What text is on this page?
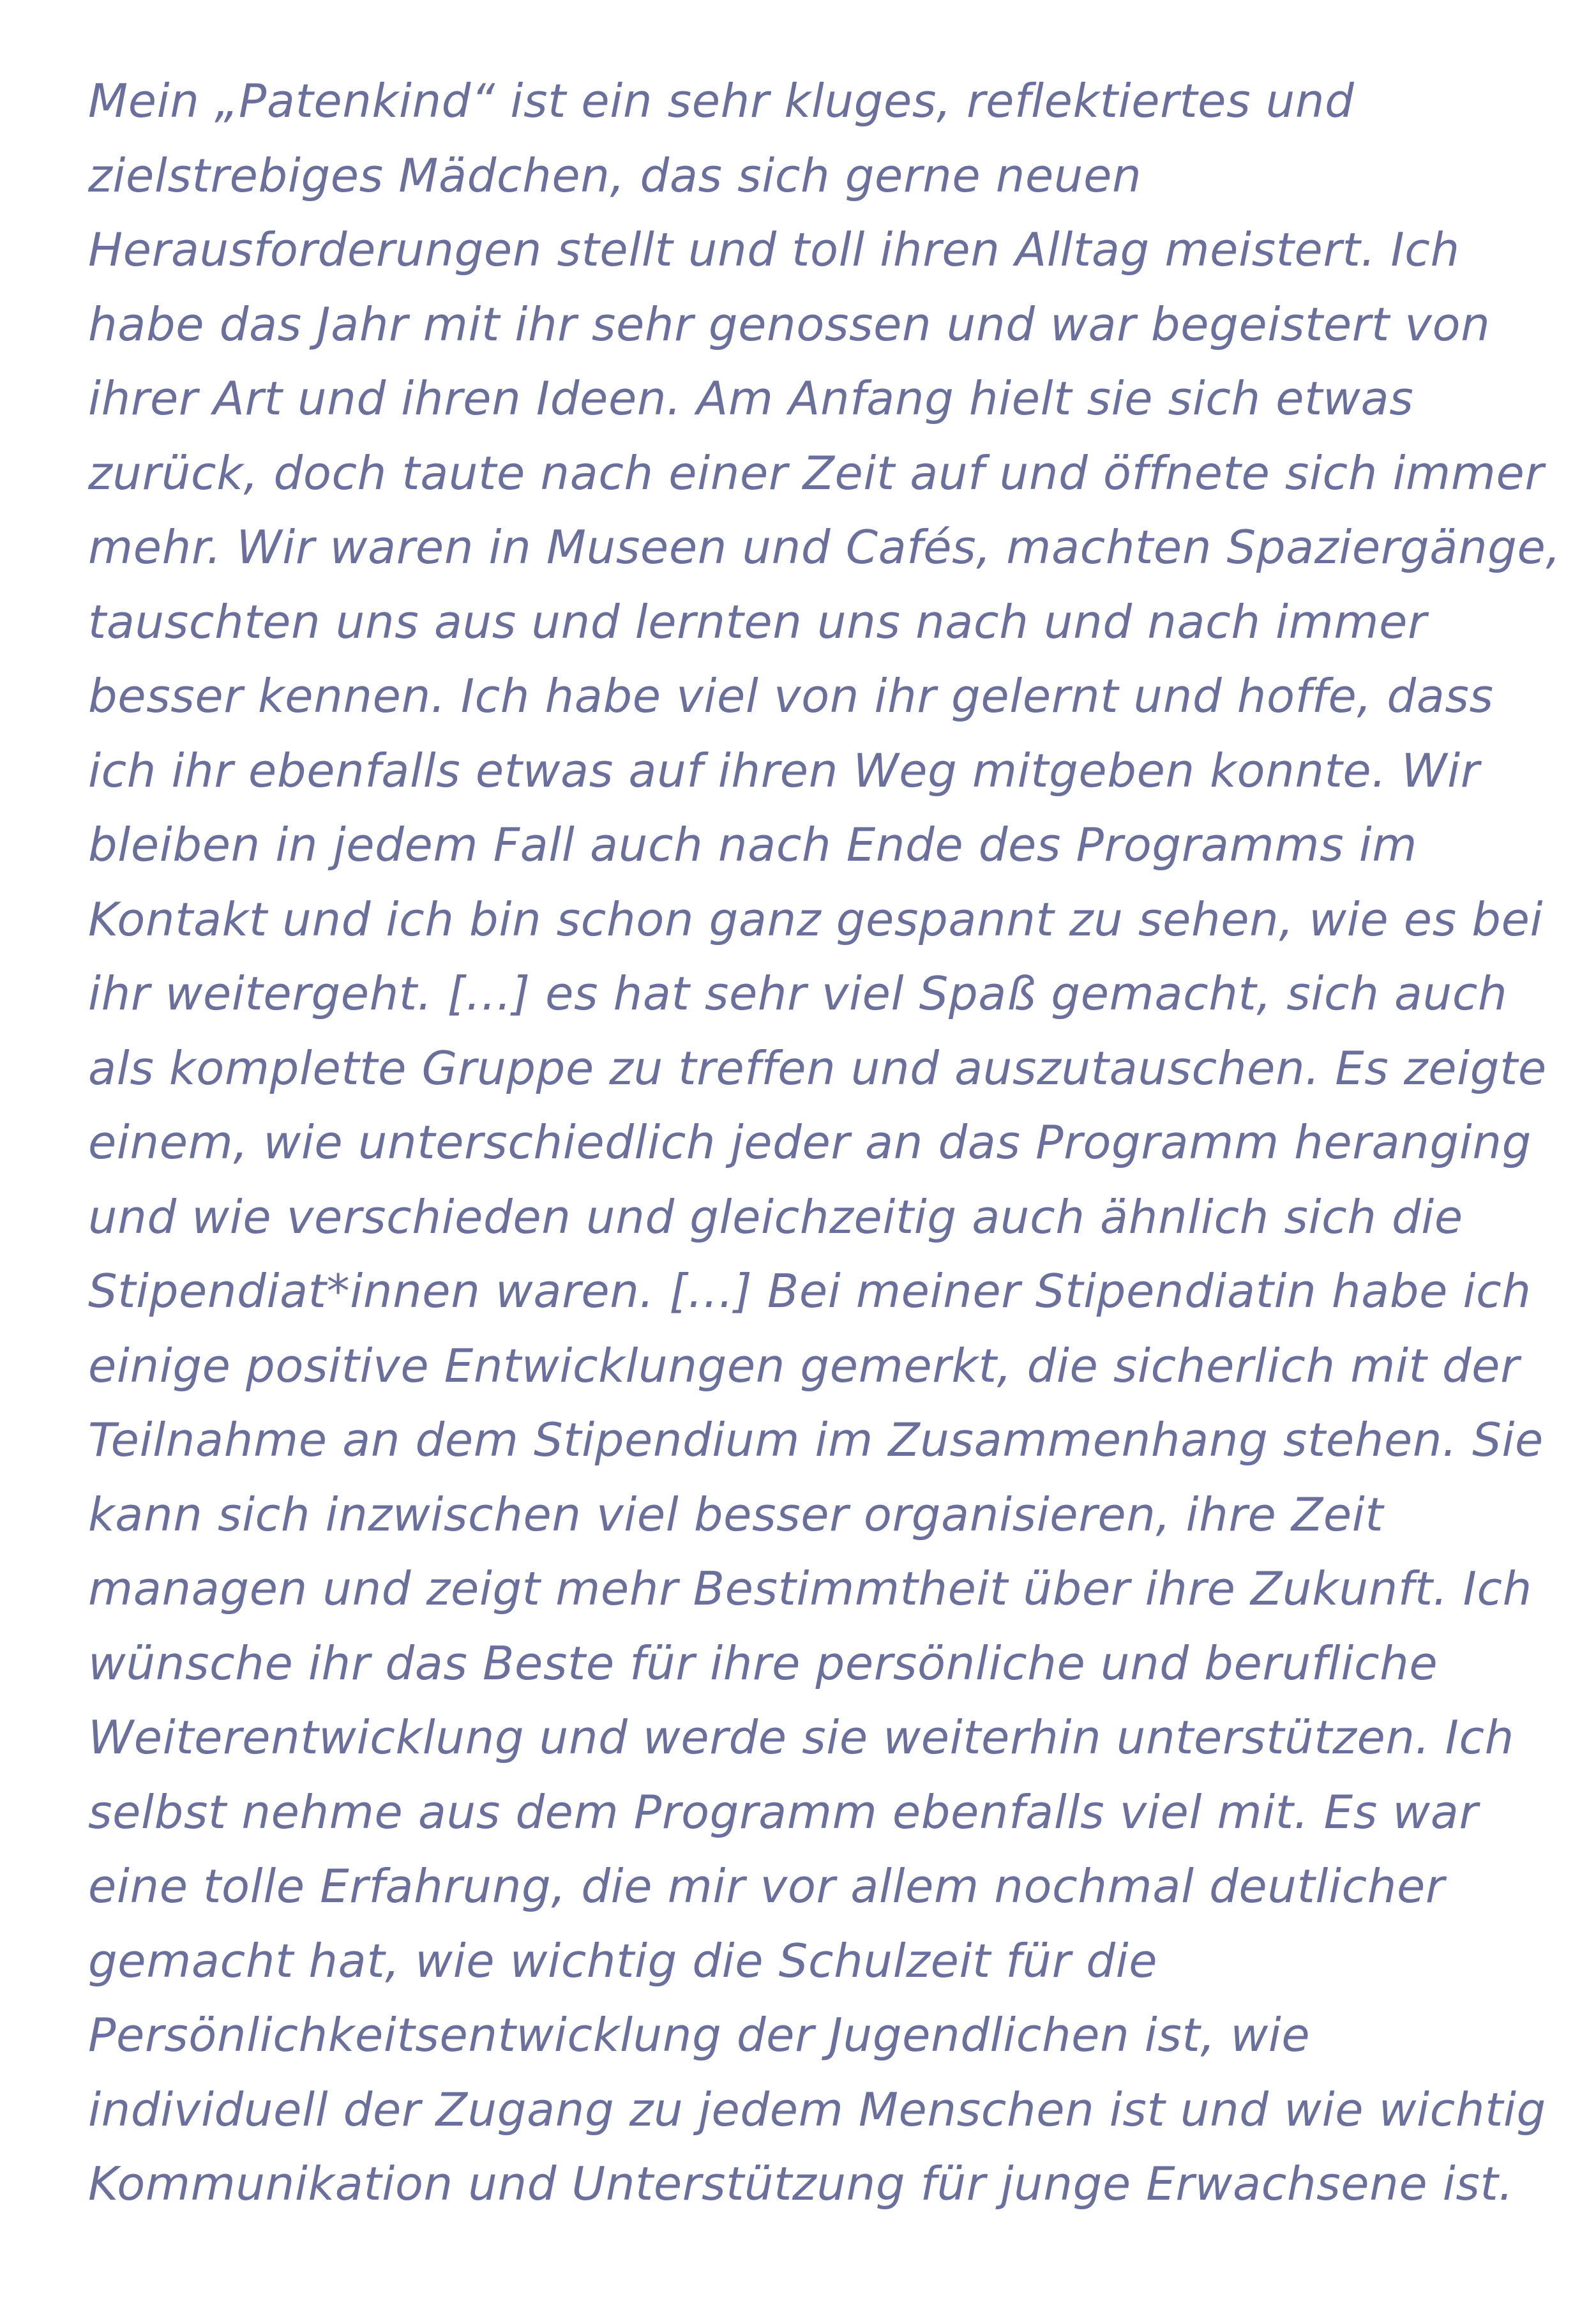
Mein „Patenkind“ ist ein sehr kluges, reflektiertes und
zielstrebiges Mädchen, das sich gerne neuen
Herausforderungen stellt und toll ihren Alltag meistert. Ich
habe das Jahr mit ihr sehr genossen und war begeistert von
ihrer Art und ihren Ideen. Am Anfang hielt sie sich etwas
zurück, doch taute nach einer Zeit auf und öffnete sich immer
mehr. Wir waren in Museen und Cafés, machten Spaziergänge,
tauschten uns aus und lernten uns nach und nach immer
besser kennen. Ich habe viel von ihr gelernt und hoffe, dass
ich ihr ebenfalls etwas auf ihren Weg mitgeben konnte. Wir
bleiben in jedem Fall auch nach Ende des Programms im
Kontakt und ich bin schon ganz gespannt zu sehen, wie es bei
ihr weitergeht. […] es hat sehr viel Spaß gemacht, sich auch
als komplette Gruppe zu treffen und auszutauschen. Es zeigte
einem, wie unterschiedlich jeder an das Programm heranging
und wie verschieden und gleichzeitig auch ähnlich sich die
Stipendiat*innen waren. […] Bei meiner Stipendiatin habe ich
einige positive Entwicklungen gemerkt, die sicherlich mit der
Teilnahme an dem Stipendium im Zusammenhang stehen. Sie
kann sich inzwischen viel besser organisieren, ihre Zeit
managen und zeigt mehr Bestimmtheit über ihre Zukunft. Ich
wünsche ihr das Beste für ihre persönliche und berufliche
Weiterentwicklung und werde sie weiterhin unterstützen. Ich
selbst nehme aus dem Programm ebenfalls viel mit. Es war
eine tolle Erfahrung, die mir vor allem nochmal deutlicher
gemacht hat, wie wichtig die Schulzeit für die
Persönlichkeitsentwicklung der Jugendlichen ist, wie
individuell der Zugang zu jedem Menschen ist und wie wichtig
Kommunikation und Unterstützung für junge Erwachsene ist.
